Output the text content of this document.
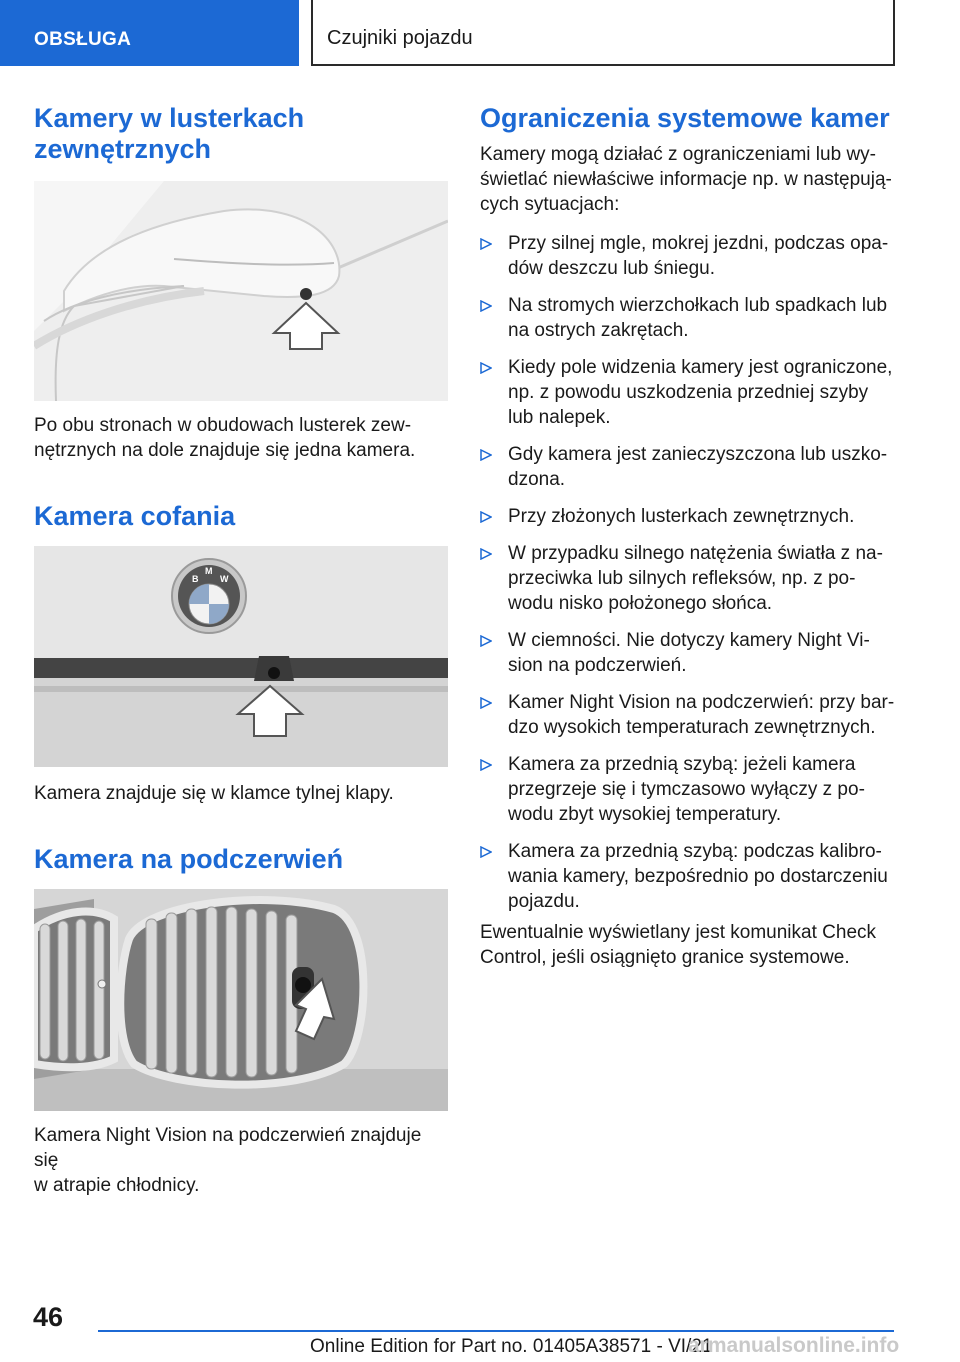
OBSŁUGA	Czujniki pojazdu
Kamery w lusterkach
zewnętrznych

Po obu stronach w obudowach lusterek zew-
nętrznych na dole znajduje się jedna kamera.

Kamera cofania
B
M
W

Kamera znajduje się w klamce tylnej klapy.

Kamera na podczerwień

Kamera Night Vision na podczerwień znajduje się
w atrapie chłodnicy.

Ograniczenia systemowe kamer

Kamery mogą działać z ograniczeniami lub wy-
świetlać niewłaściwe informacje np. w następują-
cych sytuacjach:

Przy silnej mgle, mokrej jezdni, podczas opa-
dów deszczu lub śniegu.
Na stromych wierzchołkach lub spadkach lub
na ostrych zakrętach.
Kiedy pole widzenia kamery jest ograniczone,
np. z powodu uszkodzenia przedniej szyby
lub nalepek.
Gdy kamera jest zanieczyszczona lub uszko-
dzona.
Przy złożonych lusterkach zewnętrznych.
W przypadku silnego natężenia światła z na-
przeciwka lub silnych refleksów, np. z po-
wodu nisko położonego słońca.
W ciemności. Nie dotyczy kamery Night Vi-
sion na podczerwień.
Kamer Night Vision na podczerwień: przy bar-
dzo wysokich temperaturach zewnętrznych.
Kamera za przednią szybą: jeżeli kamera
przegrzeje się i tymczasowo wyłączy z po-
wodu zbyt wysokiej temperatury.
Kamera za przednią szybą: podczas kalibro-
wania kamery, bezpośrednio po dostarczeniu
pojazdu.

Ewentualnie wyświetlany jest komunikat Check
Control, jeśli osiągnięto granice systemowe.

46
Online Edition for Part no. 01405A38571 - VI/21
armanualsonline.info
